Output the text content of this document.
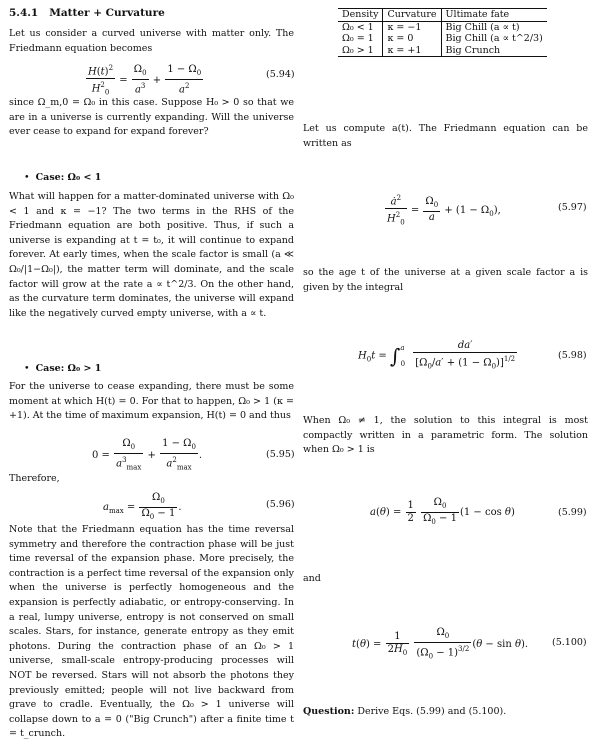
5.4.1 Matter + Curvature
Let us consider a curved universe with matter only. The Friedmann equation becomes
$\frac{H(t)^2}{H^2_0} = \frac{\Omega_0}{a^3} + \frac{1 - \Omega_0}{a^2}$	(5.94)
since Ω_m,0 = Ω₀ in this case. Suppose H₀ > 0 so that we are in a universe is currently expanding. Will the universe ever cease to expand for expand forever?
• Case: Ω₀ < 1
What will happen for a matter-dominated universe with Ω₀ < 1 and κ = −1? The two terms in the RHS of the Friedmann equation are both positive. Thus, if such a universe is expanding at t = t₀, it will continue to expand forever. At early times, when the scale factor is small (a ≪ Ω₀/|1−Ω₀|), the matter term will dominate, and the scale factor will grow at the rate a ∝ t^2/3. On the other hand, as the curvature term dominates, the universe will expand like the negatively curved empty universe, with a ∝ t.
• Case: Ω₀ > 1
For the universe to cease expanding, there must be some moment at which H(t) = 0. For that to happen, Ω₀ > 1 (κ = +1). At the time of maximum expansion, H(t) = 0 and thus
$0 = \frac{\Omega_0}{a^3_{max}} + \frac{1 - \Omega_0}{a^2_{max}}$ .	(5.95)
Therefore,
$a_{max} = \frac{\Omega_0}{\Omega_0 - 1}$ .	(5.96)
Note that the Friedmann equation has the time reversal symmetry and therefore the contraction phase will be just time reversal of the expansion phase. More precisely, the contraction is a perfect time reversal of the expansion only when the universe is perfectly homogeneous and the expansion is perfectly adiabatic, or entropy-conserving. In a real, lumpy universe, entropy is not conserved on small scales. Stars, for instance, generate entropy as they emit photons. During the contraction phase of an Ω₀ > 1 universe, small-scale entropy-producing processes will NOT be reversed. Stars will not absorb the photons they previously emitted; people will not live backward from grave to cradle. Eventually, the Ω₀ > 1 universe will collapse down to a = 0 ("Big Crunch") after a finite time t = t_crunch.
Density	Curvature	Ultimate fate
Ω₀ < 1	κ = −1	Big Chill (a ∝ t)
Ω₀ = 1	κ = 0	Big Chill (a ∝ t^2/3)
Ω₀ > 1	κ = +1	Big Crunch
Let us compute a(t). The Friedmann equation can be written as
$\frac{ȧ^2}{H^2_0} = \frac{\Omega_0}{a} + (1 - \Omega_0)$,	(5.97)
so the age t of the universe at a given scale factor a is given by the integral
$H_0t = \int^a_0 \frac{da'}{[\Omega_0/a' + (1 - \Omega_0)]^{1/2}}$	(5.98)
When Ω₀ ≠ 1, the solution to this integral is most compactly written in a parametric form. The solution when Ω₀ > 1 is
$a(\theta) = \frac{1}{2}$
$\frac{\Omega_0}{\Omega_0 - 1} (1 - \cos \theta)$	(5.99)
and
$t(\theta) = \frac{1}{2H_0}$
$\frac{\Omega_0}{(\Omega_0 - 1)^{3/2}} (\theta - \sin \theta)$.	(5.100)
Question: Derive Eqs. (5.99) and (5.100).
